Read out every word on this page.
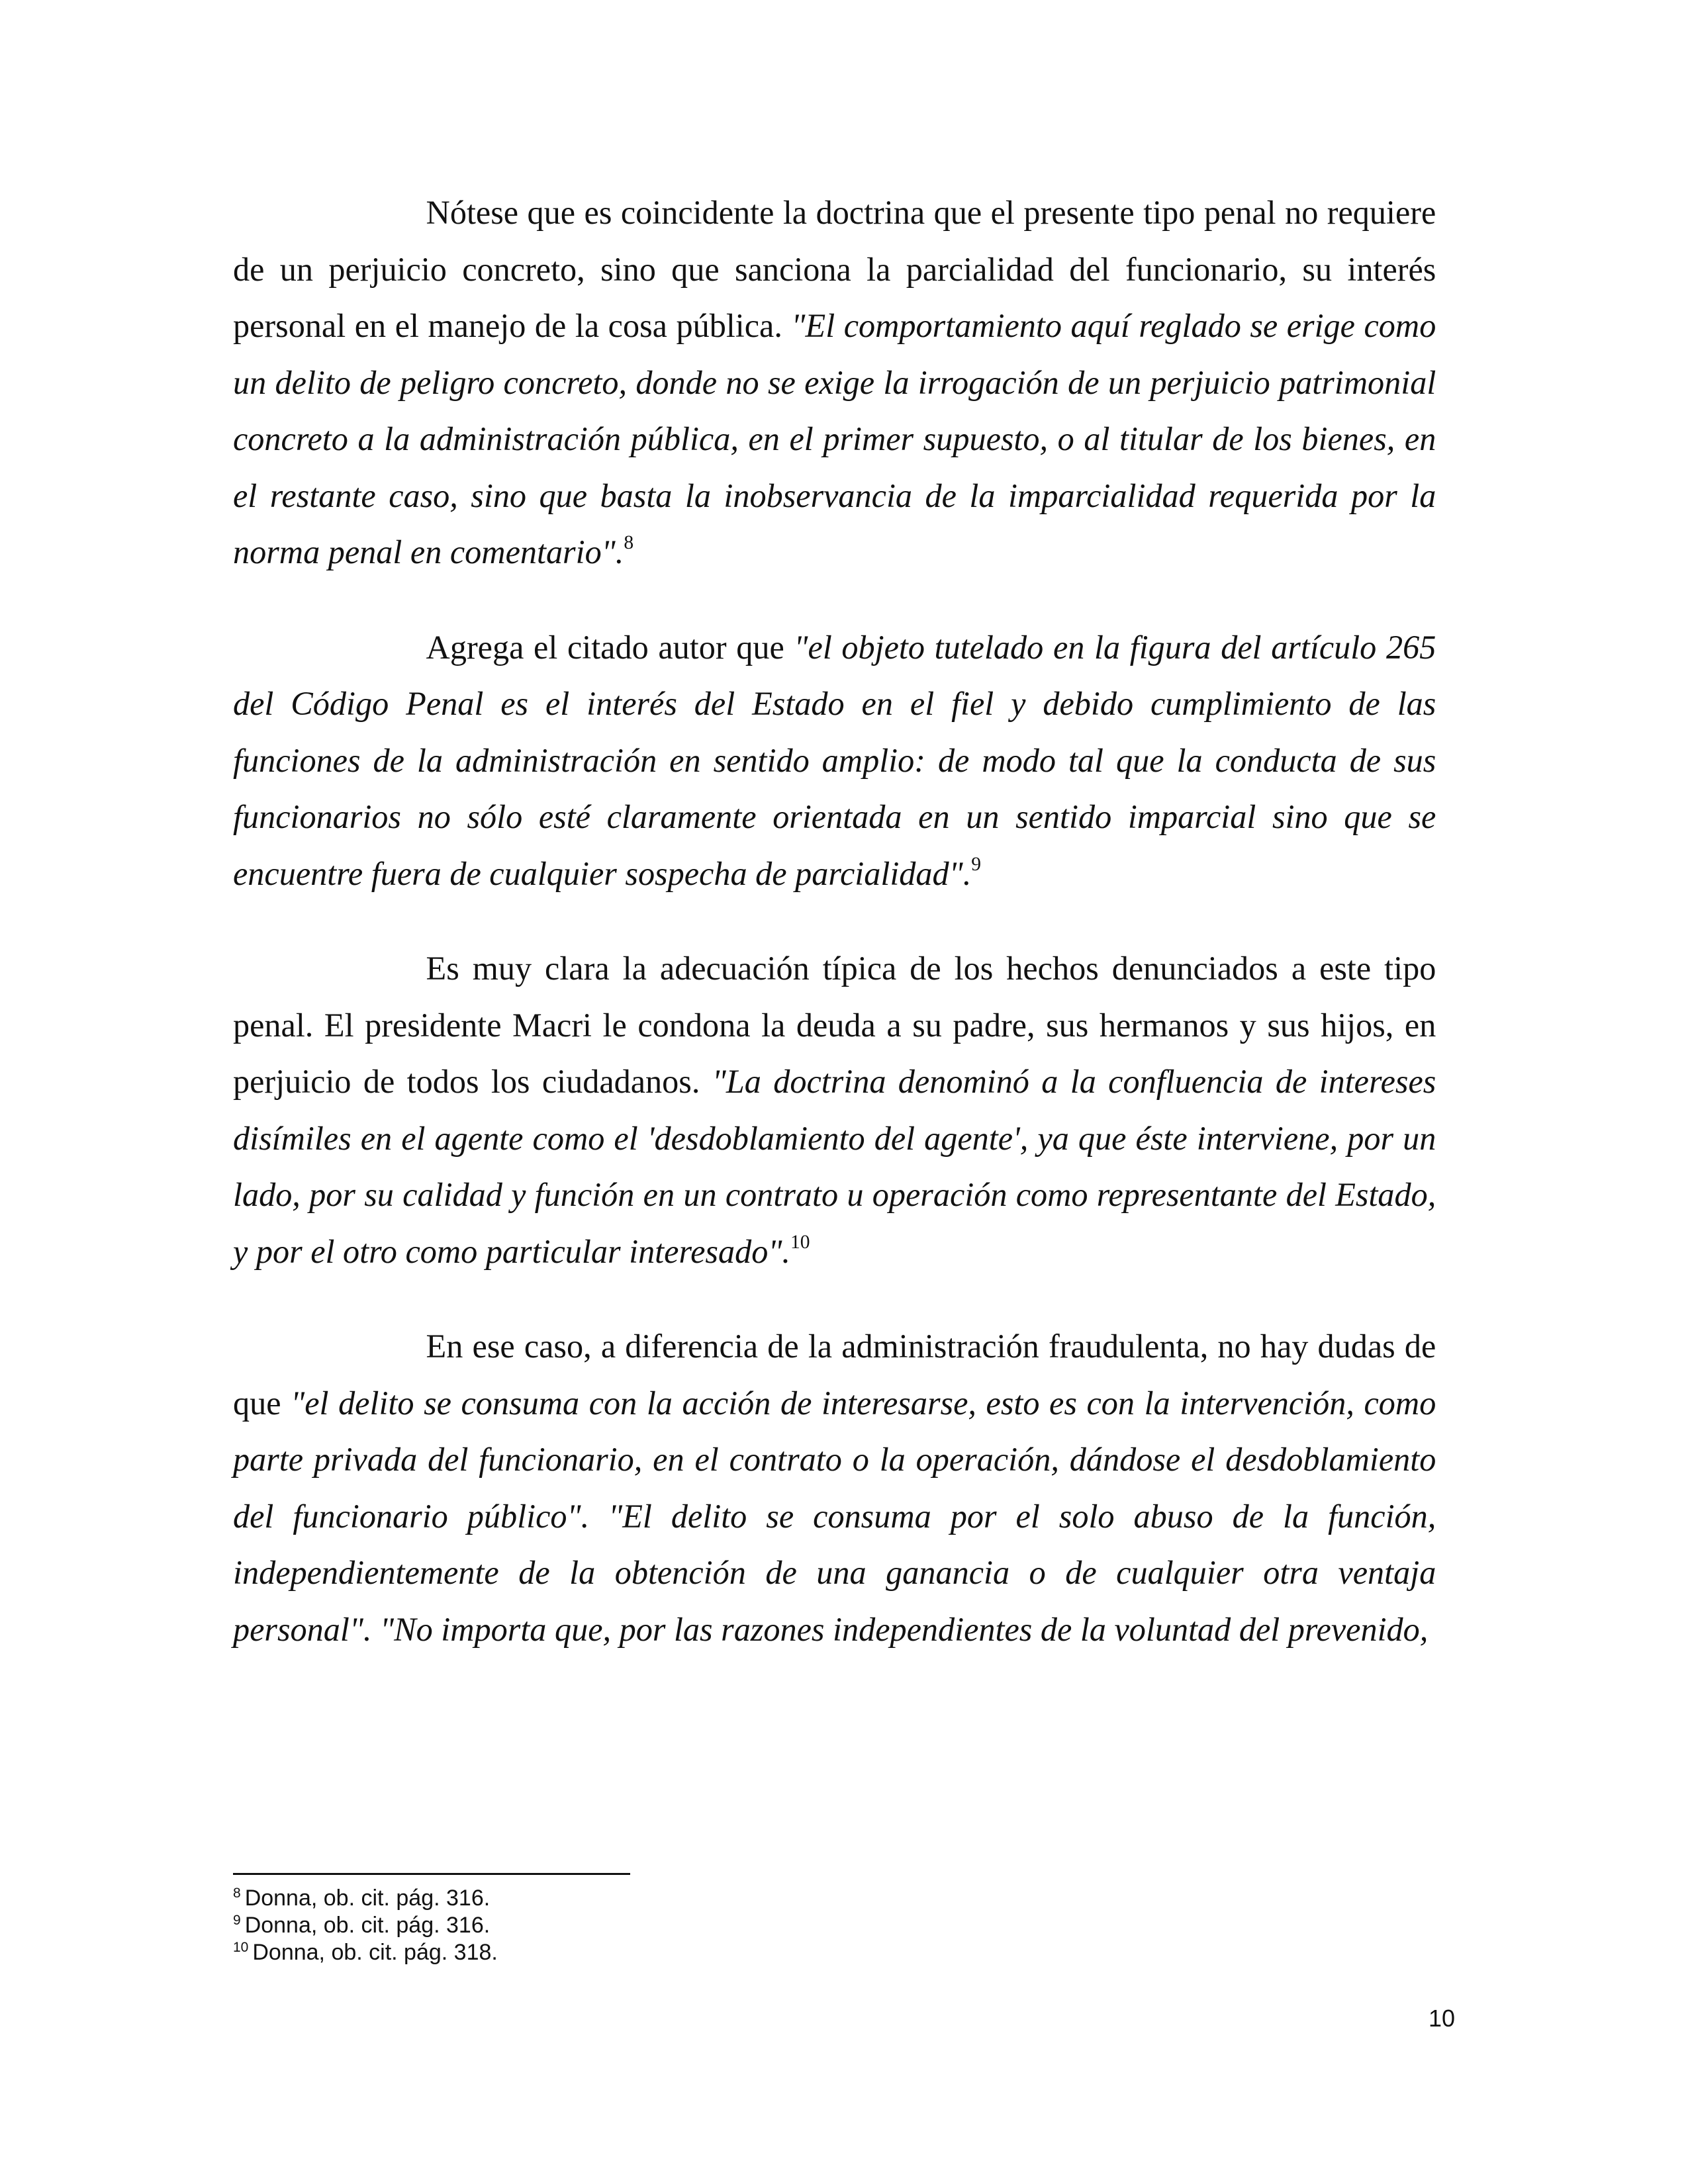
Nótese que es coincidente la doctrina que el presente tipo penal no requiere de un perjuicio concreto, sino que sanciona la parcialidad del funcionario, su interés personal en el manejo de la cosa pública. "El comportamiento aquí reglado se erige como un delito de peligro concreto, donde no se exige la irrogación de un perjuicio patrimonial concreto a la administración pública, en el primer supuesto, o al titular de los bienes, en el restante caso, sino que basta la inobservancia de la imparcialidad requerida por la norma penal en comentario".$^8$

Agrega el citado autor que "el objeto tutelado en la figura del artículo 265 del Código Penal es el interés del Estado en el fiel y debido cumplimiento de las funciones de la administración en sentido amplio: de modo tal que la conducta de sus funcionarios no sólo esté claramente orientada en un sentido imparcial sino que se encuentre fuera de cualquier sospecha de parcialidad".$^9$

Es muy clara la adecuación típica de los hechos denunciados a este tipo penal. El presidente Macri le condona la deuda a su padre, sus hermanos y sus hijos, en perjuicio de todos los ciudadanos. "La doctrina denominó a la confluencia de intereses disímiles en el agente como el 'desdoblamiento del agente', ya que éste interviene, por un lado, por su calidad y función en un contrato u operación como representante del Estado, y por el otro como particular interesado".$^{10}$

En ese caso, a diferencia de la administración fraudulenta, no hay dudas de que "el delito se consuma con la acción de interesarse, esto es con la intervención, como parte privada del funcionario, en el contrato o la operación, dándose el desdoblamiento del funcionario público". "El delito se consuma por el solo abuso de la función, independientemente de la obtención de una ganancia o de cualquier otra ventaja personal". "No importa que, por las razones independientes de la voluntad del prevenido,

$^8$ Donna, ob. cit. pág. 316.

$^9$ Donna, ob. cit. pág. 316.

$^{10}$ Donna, ob. cit. pág. 318.

10
